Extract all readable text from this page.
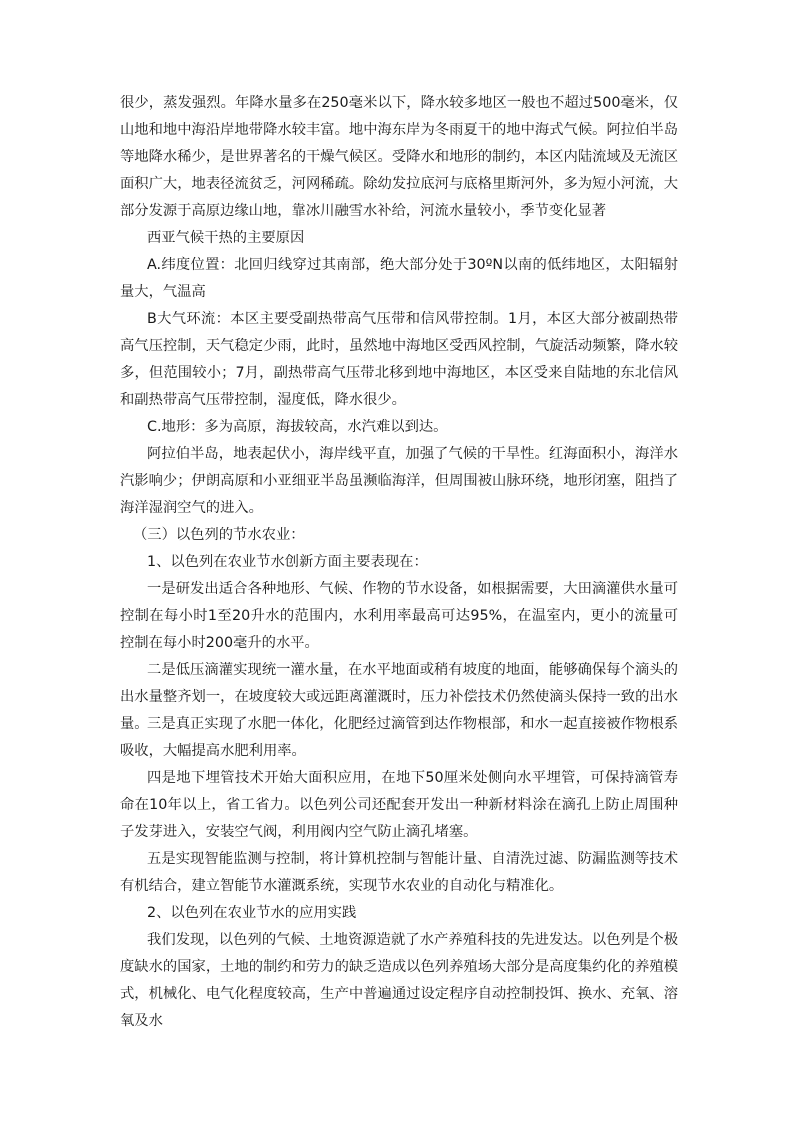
很少，蒸发强烈。年降水量多在250毫米以下，降水较多地区一般也不超过500毫米，仅山地和地中海沿岸地带降水较丰富。地中海东岸为冬雨夏干的地中海式气候。阿拉伯半岛等地降水稀少，是世界著名的干燥气候区。受降水和地形的制约，本区内陆流域及无流区面积广大，地表径流贫乏，河网稀疏。除幼发拉底河与底格里斯河外，多为短小河流，大部分发源于高原边缘山地，靠冰川融雪水补给，河流水量较小，季节变化显著

西亚气候干热的主要原因

A.纬度位置：北回归线穿过其南部，绝大部分处于30ºN以南的低纬地区，太阳辐射量大，气温高

B大气环流：本区主要受副热带高气压带和信风带控制。1月，本区大部分被副热带高气压控制，天气稳定少雨，此时，虽然地中海地区受西风控制，气旋活动频繁，降水较多，但范围较小；7月，副热带高气压带北移到地中海地区，本区受来自陆地的东北信风和副热带高气压带控制，湿度低，降水很少。

C.地形：多为高原，海拔较高，水汽难以到达。

阿拉伯半岛，地表起伏小，海岸线平直，加强了气候的干旱性。红海面积小，海洋水汽影响少；伊朗高原和小亚细亚半岛虽濒临海洋，但周围被山脉环绕，地形闭塞，阻挡了海洋湿润空气的进入。

（三）以色列的节水农业：

1、以色列在农业节水创新方面主要表现在：

一是研发出适合各种地形、气候、作物的节水设备，如根据需要，大田滴灌供水量可控制在每小时1至20升水的范围内，水利用率最高可达95%，在温室内，更小的流量可控制在每小时200毫升的水平。

二是低压滴灌实现统一灌水量，在水平地面或稍有坡度的地面，能够确保每个滴头的出水量整齐划一，在坡度较大或远距离灌溉时，压力补偿技术仍然使滴头保持一致的出水量。

三是真正实现了水肥一体化，化肥经过滴管到达作物根部，和水一起直接被作物根系吸收，大幅提高水肥利用率。

四是地下埋管技术开始大面积应用，在地下50厘米处侧向水平埋管，可保持滴管寿命在10年以上，省工省力。以色列公司还配套开发出一种新材料涂在滴孔上防止周围种子发芽进入，安装空气阀，利用阀内空气防止滴孔堵塞。

五是实现智能监测与控制，将计算机控制与智能计量、自清洗过滤、防漏监测等技术有机结合，建立智能节水灌溉系统，实现节水农业的自动化与精准化。

2、以色列在农业节水的应用实践

我们发现，以色列的气候、土地资源造就了水产养殖科技的先进发达。以色列是个极度缺水的国家，土地的制约和劳力的缺乏造成以色列养殖场大部分是高度集约化的养殖模式，机械化、电气化程度较高，生产中普遍通过设定程序自动控制投饵、换水、充氧、溶氧及水
